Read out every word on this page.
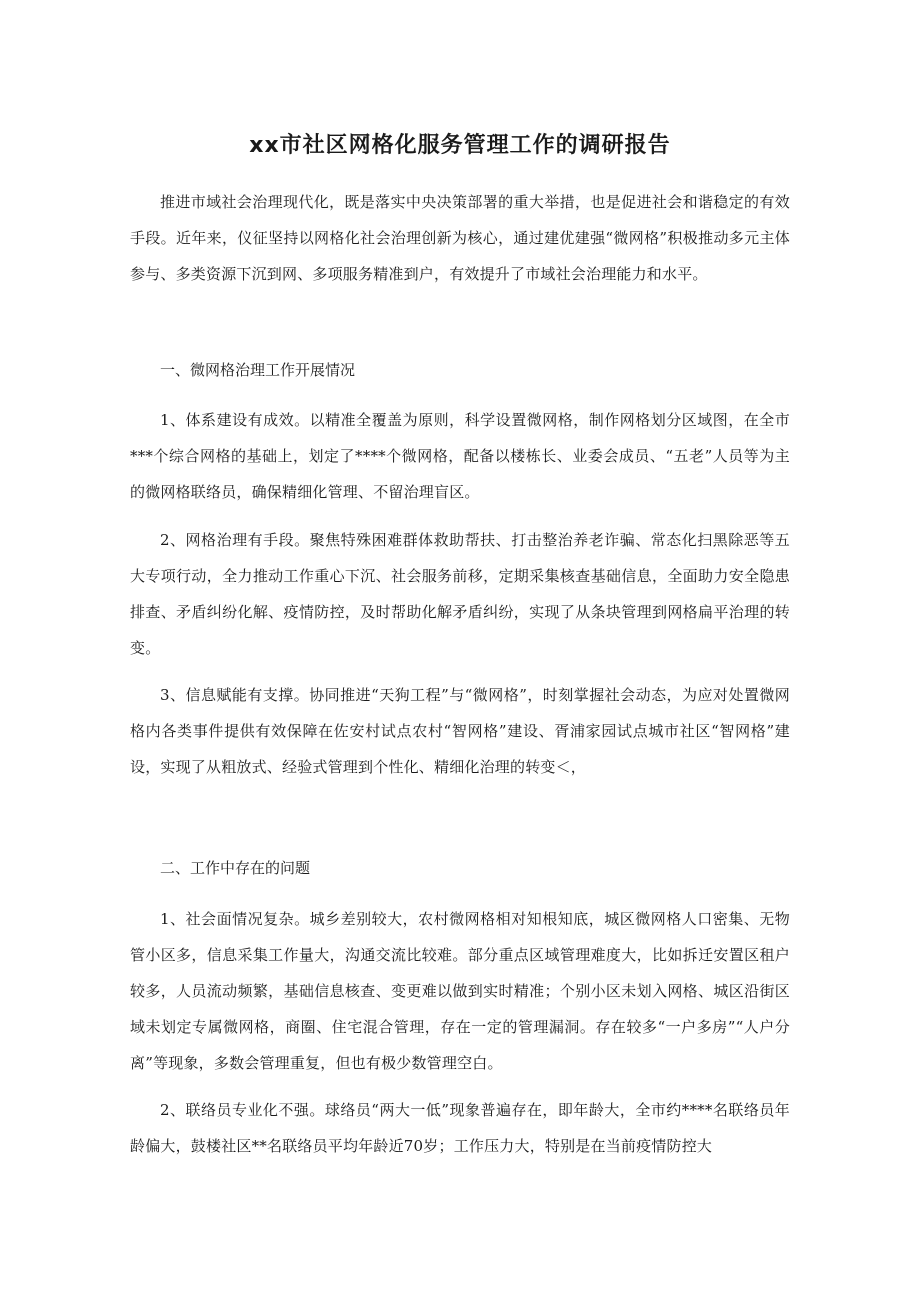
xx市社区网格化服务管理工作的调研报告

推进市域社会治理现代化，既是落实中央决策部署的重大举措，也是促进社会和谐稳定的有效手段。近年来，仪征坚持以网格化社会治理创新为核心，通过建优建强“微网格”积极推动多元主体参与、多类资源下沉到网、多项服务精准到户，有效提升了市域社会治理能力和水平。

一、微网格治理工作开展情况

1、体系建设有成效。以精准全覆盖为原则，科学设置微网格，制作网格划分区域图，在全市***个综合网格的基础上，划定了****个微网格，配备以楼栋长、业委会成员、“五老”人员等为主的微网格联络员，确保精细化管理、不留治理盲区。

2、网格治理有手段。聚焦特殊困难群体救助帮扶、打击整治养老诈骗、常态化扫黑除恶等五大专项行动，全力推动工作重心下沉、社会服务前移，定期采集核查基础信息，全面助力安全隐患排查、矛盾纠纷化解、疫情防控，及时帮助化解矛盾纠纷，实现了从条块管理到网格扁平治理的转变。

3、信息赋能有支撑。协同推进“天狗工程”与“微网格”，时刻掌握社会动态，为应对处置微网格内各类事件提供有效保障在佐安村试点农村“智网格”建设、胥浦家园试点城市社区“智网格”建设，实现了从粗放式、经验式管理到个性化、精细化治理的转变＜，

二、工作中存在的问题

1、社会面情况复杂。城乡差别较大，农村微网格相对知根知底，城区微网格人口密集、无物管小区多，信息采集工作量大，沟通交流比较难。部分重点区域管理难度大，比如拆迁安置区租户较多，人员流动频繁，基础信息核查、变更难以做到实时精准；个别小区未划入网格、城区沿街区域未划定专属微网格，商圈、住宅混合管理，存在一定的管理漏洞。存在较多“一户多房”“人户分离”等现象，多数会管理重复，但也有极少数管理空白。

2、联络员专业化不强。球络员“两大一低”现象普遍存在，即年龄大，全市约****名联络员年龄偏大，鼓楼社区**名联络员平均年龄近70岁；工作压力大，特别是在当前疫情防控大
